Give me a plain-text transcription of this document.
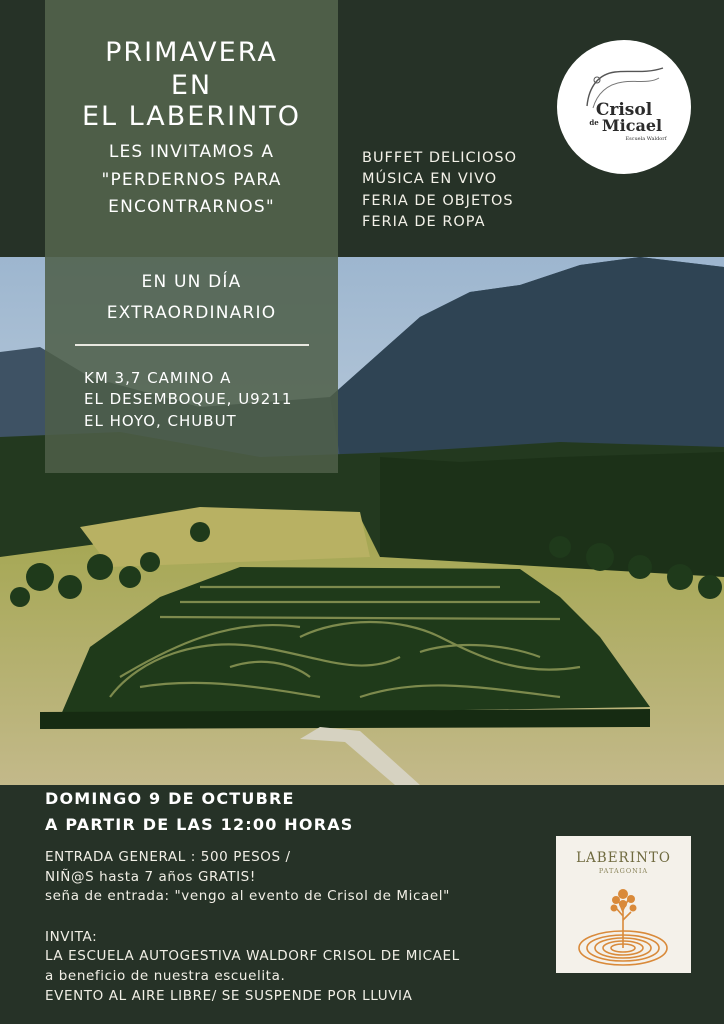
PRIMAVERA
EN
EL LABERINTO
LES INVITAMOS A
"PERDERNOS PARA
ENCONTRARNOS"
EN UN DÍA
EXTRAORDINARIO
KM 3,7 CAMINO A
EL DESEMBOQUE, U9211
EL HOYO, CHUBUT
BUFFET DELICIOSO
MÚSICA EN VIVO
FERIA DE OBJETOS
FERIA DE ROPA
Crisol
de Micael
Escuela Waldorf
DOMINGO 9 DE OCTUBRE
A PARTIR DE LAS 12:00 HORAS
ENTRADA GENERAL : 500 PESOS /
NIÑ@S hasta 7 años GRATIS!
seña de entrada: "vengo al evento de Crisol de Micael"
INVITA:
LA ESCUELA AUTOGESTIVA WALDORF CRISOL DE MICAEL
a beneficio de nuestra escuelita.
EVENTO AL AIRE LIBRE/ SE SUSPENDE POR LLUVIA
LABERINTO
PATAGONIA
